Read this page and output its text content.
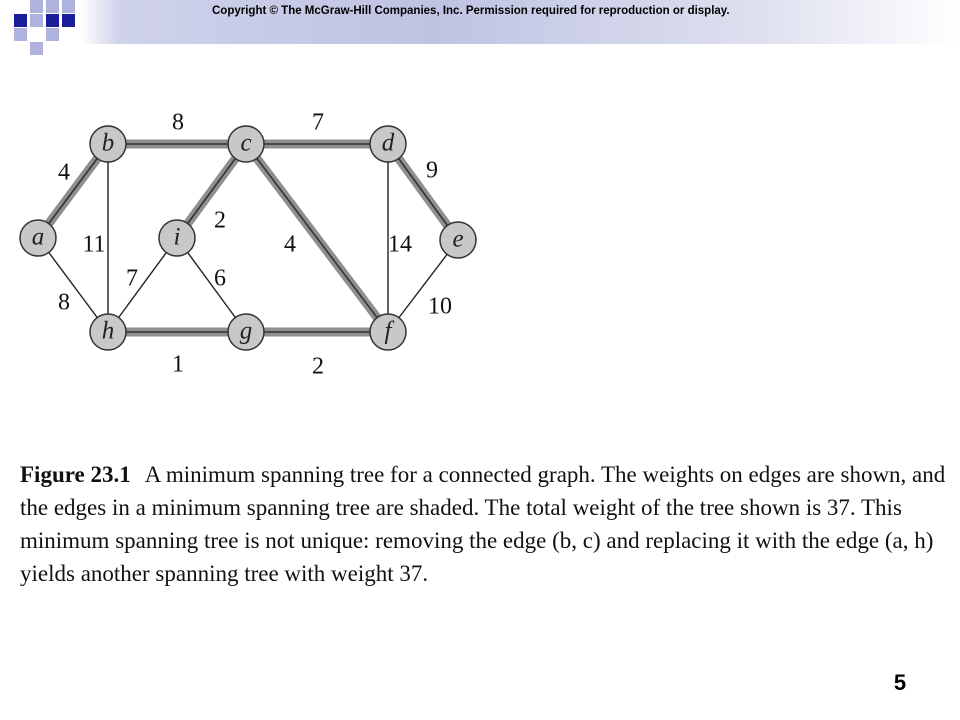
Copyright © The McGraw-Hill Companies, Inc. Permission required for reproduction or display.
4
8	7
9
8
11
2
4	14
10
7	6
1	2
a
b	c	d
e
f
g
h
i

Figure 23.1 A minimum spanning tree for a connected graph. The weights on edges are shown, and the edges in a minimum spanning tree are shaded. The total weight of the tree shown is 37. This minimum spanning tree is not unique: removing the edge (b, c) and replacing it with the edge (a, h) yields another spanning tree with weight 37.

5
